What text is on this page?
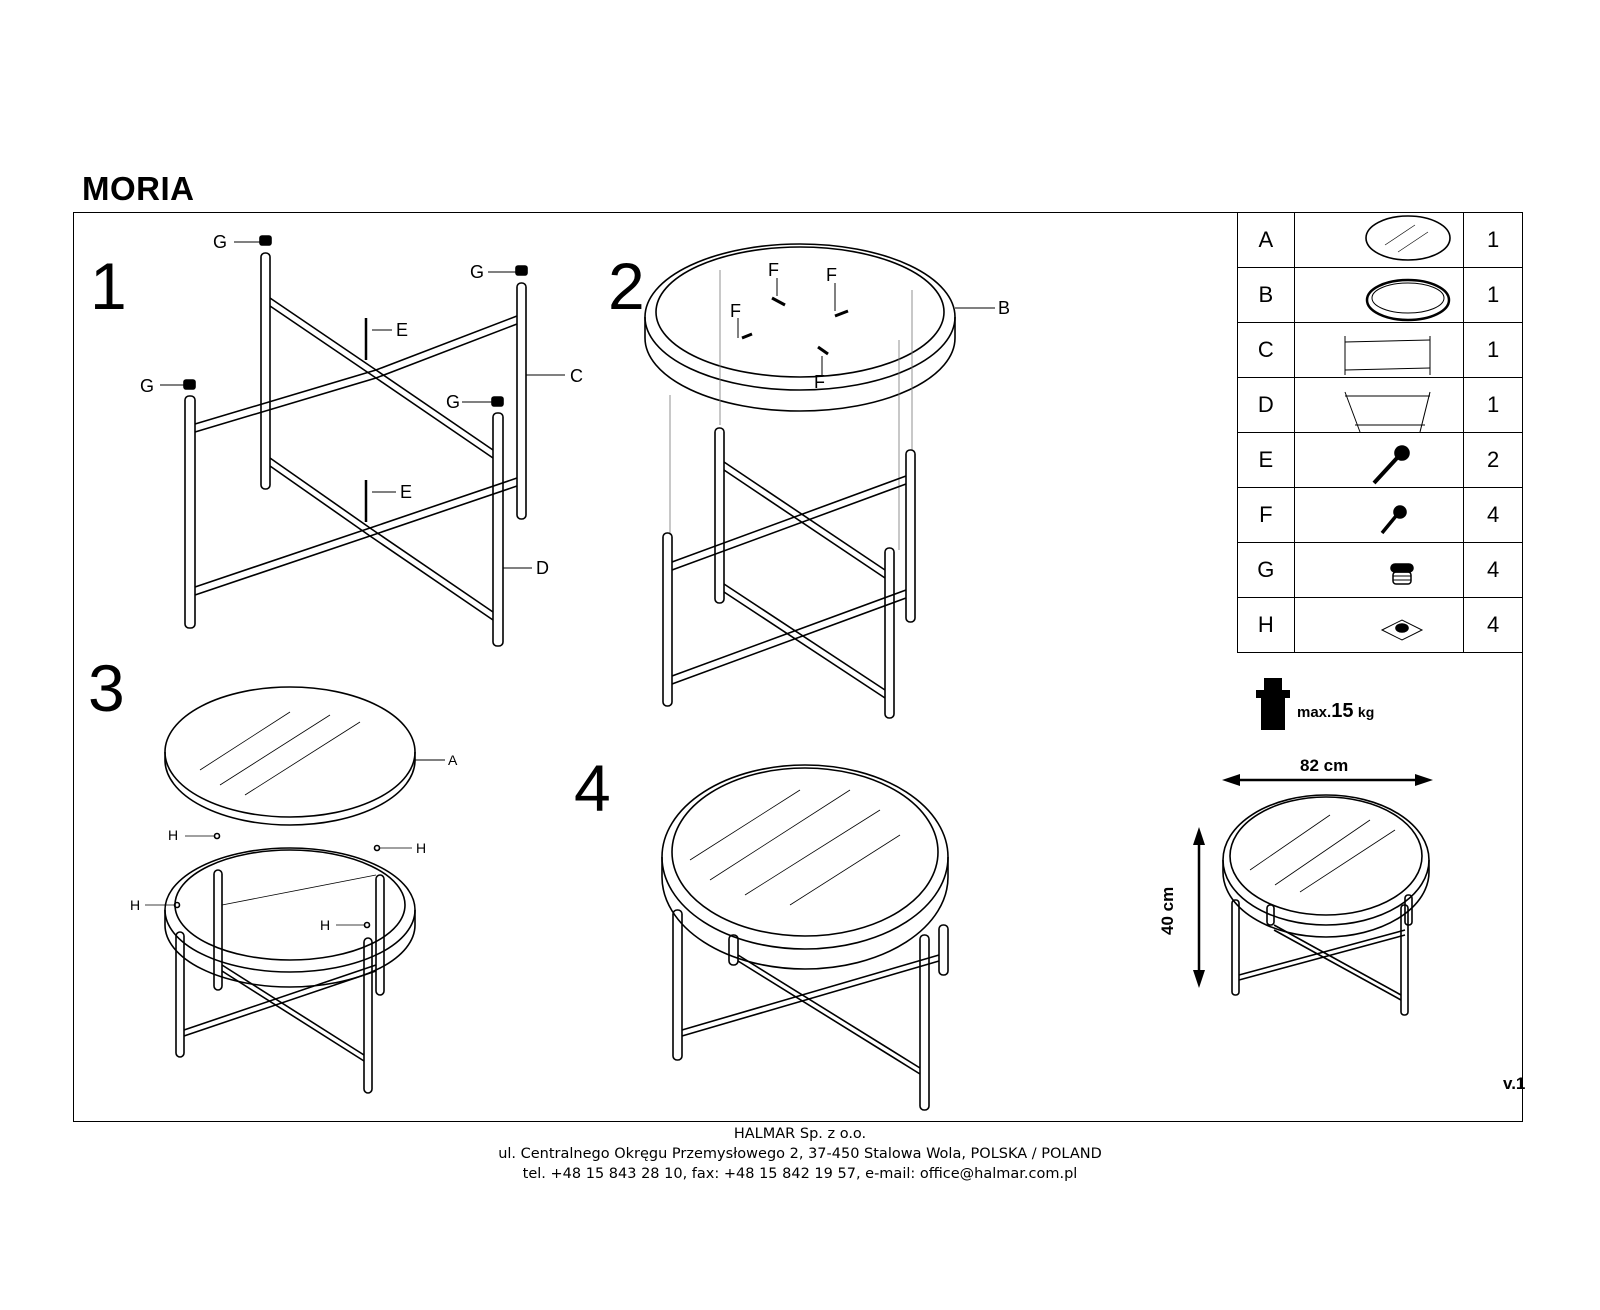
MORIA
1	2
3
4
G
G
G
G
E
E
C
D
F	F
F
F
B
A
H
H
H
H
A		1
B		1
C		1
D		1
E		2
F		4
G		4
H		4
max.15 kg
82 cm
40 cm
v.1
HALMAR Sp. z o.o.
ul. Centralnego Okręgu Przemysłowego 2, 37-450 Stalowa Wola, POLSKA / POLAND
tel. +48 15 843 28 10, fax: +48 15 842 19 57, e-mail: office@halmar.com.pl
